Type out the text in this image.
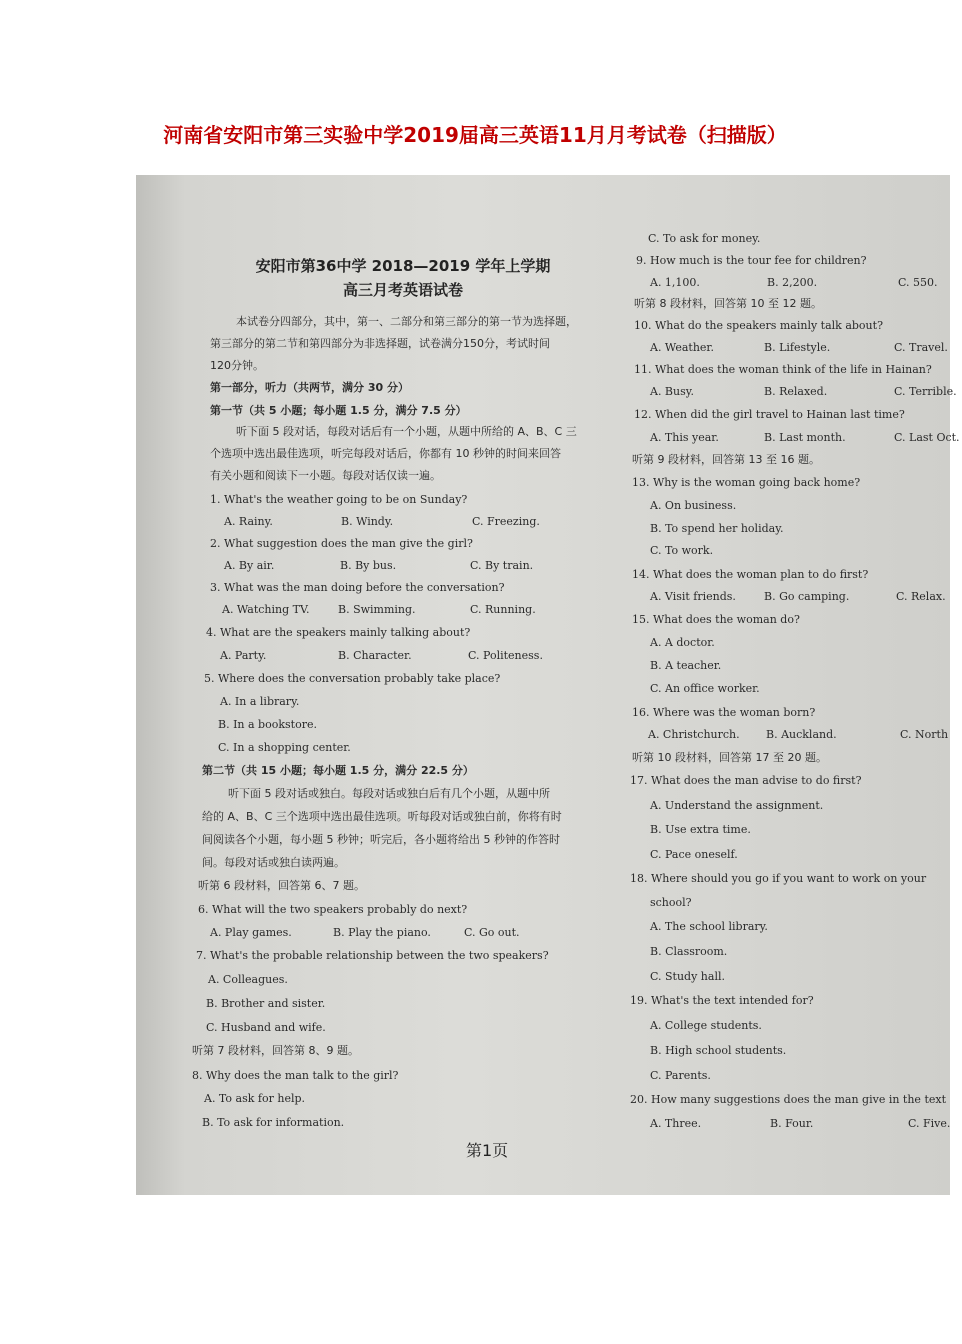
河南省安阳市第三实验中学2019届高三英语11月月考试卷（扫描版）
安阳市第36中学 2018—2019 学年上学期
高三月考英语试卷
本试卷分四部分，其中，第一、二部分和第三部分的第一节为选择题，
第三部分的第二节和第四部分为非选择题，试卷满分150分，考试时间
120分钟。
第一部分，听力（共两节，满分 30 分）
第一节（共 5 小题；每小题 1.5 分，满分 7.5 分）
听下面 5 段对话，每段对话后有一个小题，从题中所给的 A、B、C 三
个选项中选出最佳选项，听完每段对话后，你都有 10 秒钟的时间来回答
有关小题和阅读下一小题。每段对话仅读一遍。
1. What's the weather going to be on Sunday?
A. Rainy.	B. Windy.	C. Freezing.
2. What suggestion does the man give the girl?
A. By air.	B. By bus.	C. By train.
3. What was the man doing before the conversation?
A. Watching TV.	B. Swimming.	C. Running.
4. What are the speakers mainly talking about?
A. Party.	B. Character.	C. Politeness.
5. Where does the conversation probably take place?
A. In a library.
B. In a bookstore.
C. In a shopping center.
第二节（共 15 小题；每小题 1.5 分，满分 22.5 分）
听下面 5 段对话或独白。每段对话或独白后有几个小题，从题中所
给的 A、B、C 三个选项中选出最佳选项。听每段对话或独白前，你将有时
间阅读各个小题，每小题 5 秒钟；听完后，各小题将给出 5 秒钟的作答时
间。每段对话或独白读两遍。
听第 6 段材料，回答第 6、7 题。
6. What will the two speakers probably do next?
A. Play games.	B. Play the piano.	C. Go out.
7. What's the probable relationship between the two speakers?
A. Colleagues.
B. Brother and sister.
C. Husband and wife.
听第 7 段材料，回答第 8、9 题。
8. Why does the man talk to the girl?
A. To ask for help.
B. To ask for information.
C. To ask for money.
9. How much is the tour fee for children?
A. 1,100.	B. 2,200.	C. 550.
听第 8 段材料，回答第 10 至 12 题。
10. What do the speakers mainly talk about?
A. Weather.	B. Lifestyle.	C. Travel.
11. What does the woman think of the life in Hainan?
A. Busy.	B. Relaxed.	C. Terrible.
12. When did the girl travel to Hainan last time?
A. This year.	B. Last month.	C. Last Oct.
听第 9 段材料，回答第 13 至 16 题。
13. Why is the woman going back home?
A. On business.
B. To spend her holiday.
C. To work.
14. What does the woman plan to do first?
A. Visit friends.	B. Go camping.	C. Relax.
15. What does the woman do?
A. A doctor.
B. A teacher.
C. An office worker.
16. Where was the woman born?
A. Christchurch. B. Auckland.	C. North
听第 10 段材料，回答第 17 至 20 题。
17. What does the man advise to do first?
A. Understand the assignment.
B. Use extra time.
C. Pace oneself.
18. Where should you go if you want to work on your
school?
A. The school library.
B. Classroom.
C. Study hall.
19. What's the text intended for?
A. College students.
B. High school students.
C. Parents.
20. How many suggestions does the man give in the text
A. Three.	B. Four.	C. Five.
第1页
